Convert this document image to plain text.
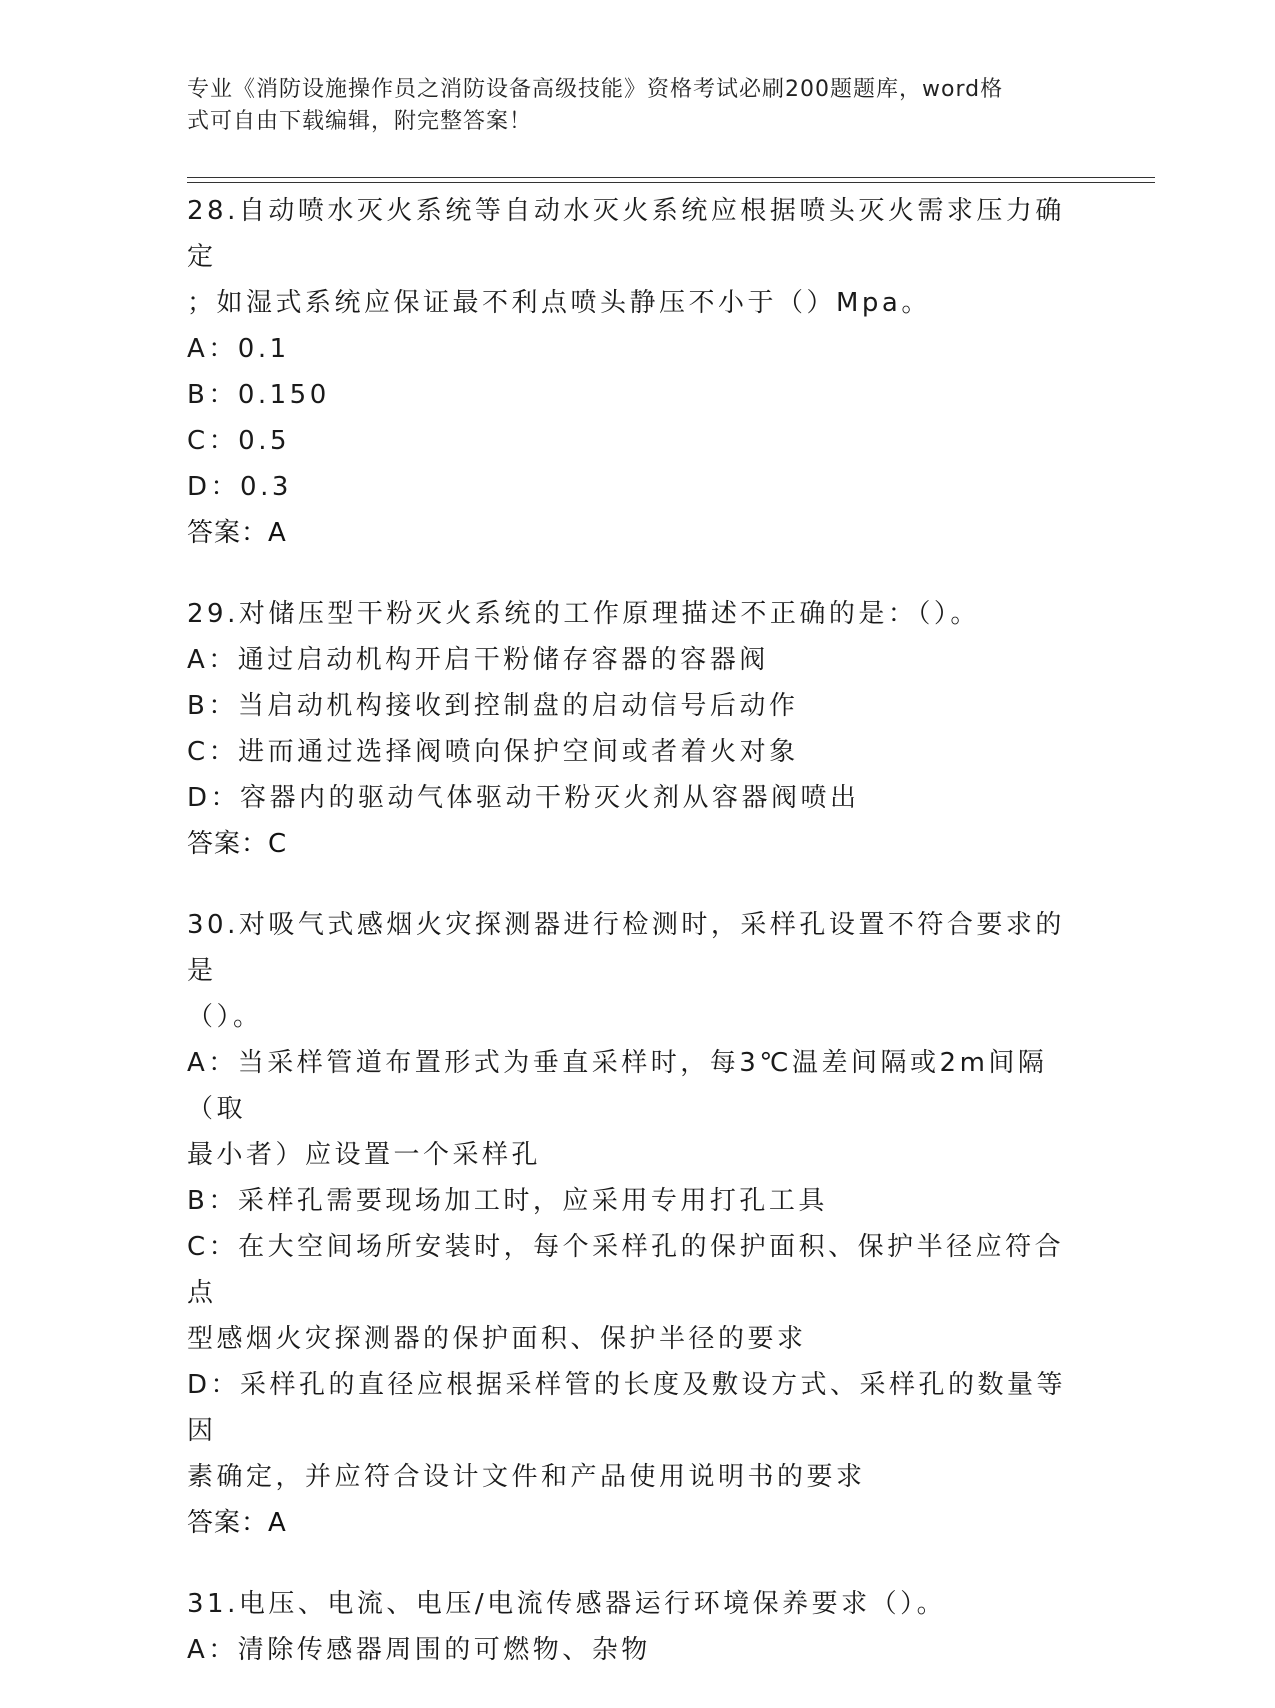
专业《消防设施操作员之消防设备高级技能》资格考试必刷200题题库，word格
式可自由下载编辑，附完整答案！
28.自动喷水灭火系统等自动水灭火系统应根据喷头灭火需求压力确定
；如湿式系统应保证最不利点喷头静压不小于（）Mpa。
A：0.1
B：0.150
C：0.5
D：0.3
答案：A
29.对储压型干粉灭火系统的工作原理描述不正确的是：（）。
A：通过启动机构开启干粉储存容器的容器阀
B：当启动机构接收到控制盘的启动信号后动作
C：进而通过选择阀喷向保护空间或者着火对象
D：容器内的驱动气体驱动干粉灭火剂从容器阀喷出
答案：C
30.对吸气式感烟火灾探测器进行检测时，采样孔设置不符合要求的是
（）。
A：当采样管道布置形式为垂直采样时，每3℃温差间隔或2m间隔（取
最小者）应设置一个采样孔
B：采样孔需要现场加工时，应采用专用打孔工具
C：在大空间场所安装时，每个采样孔的保护面积、保护半径应符合点
型感烟火灾探测器的保护面积、保护半径的要求
D：采样孔的直径应根据采样管的长度及敷设方式、采样孔的数量等因
素确定，并应符合设计文件和产品使用说明书的要求
答案：A
31.电压、电流、电压/电流传感器运行环境保养要求（）。
A：清除传感器周围的可燃物、杂物
